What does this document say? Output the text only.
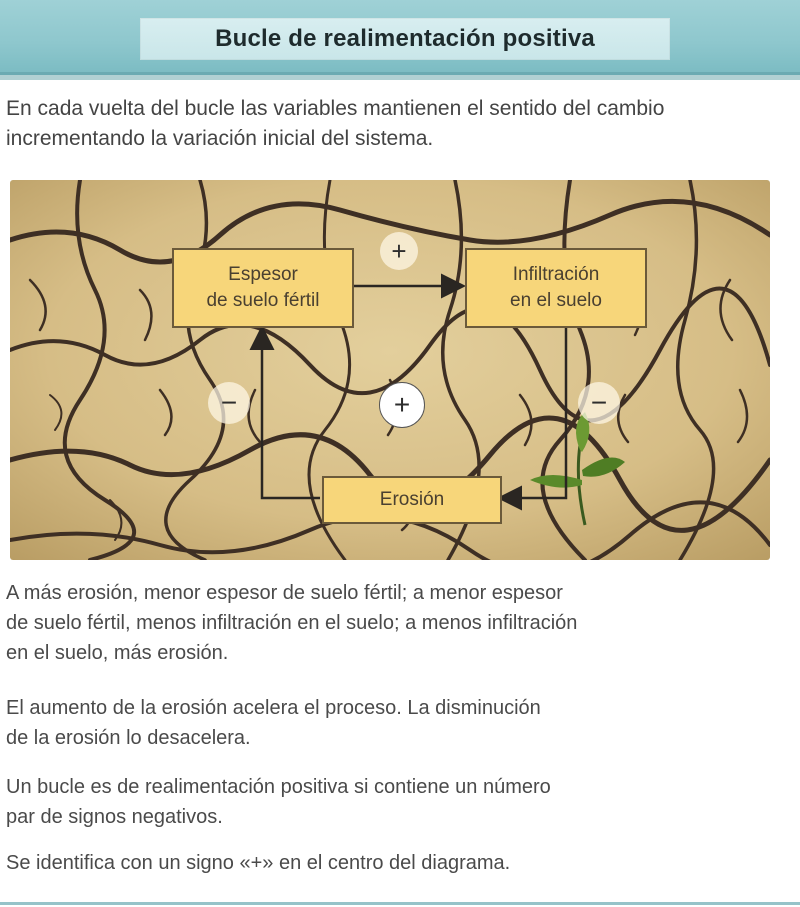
Bucle de realimentación positiva
En cada vuelta del bucle las variables mantienen el sentido del cambio
incrementando la variación inicial del sistema.
Espesor
de suelo fértil
Infiltración
en el suelo
Erosión
+
−	−
+
A más erosión, menor espesor de suelo fértil; a menor espesor
de suelo fértil, menos infiltración en el suelo; a menos infiltración
en el suelo, más erosión.
El aumento de la erosión acelera el proceso. La disminución
de la erosión lo desacelera.
Un bucle es de realimentación positiva si contiene un número
par de signos negativos.
Se identifica con un signo «+» en el centro del diagrama.
